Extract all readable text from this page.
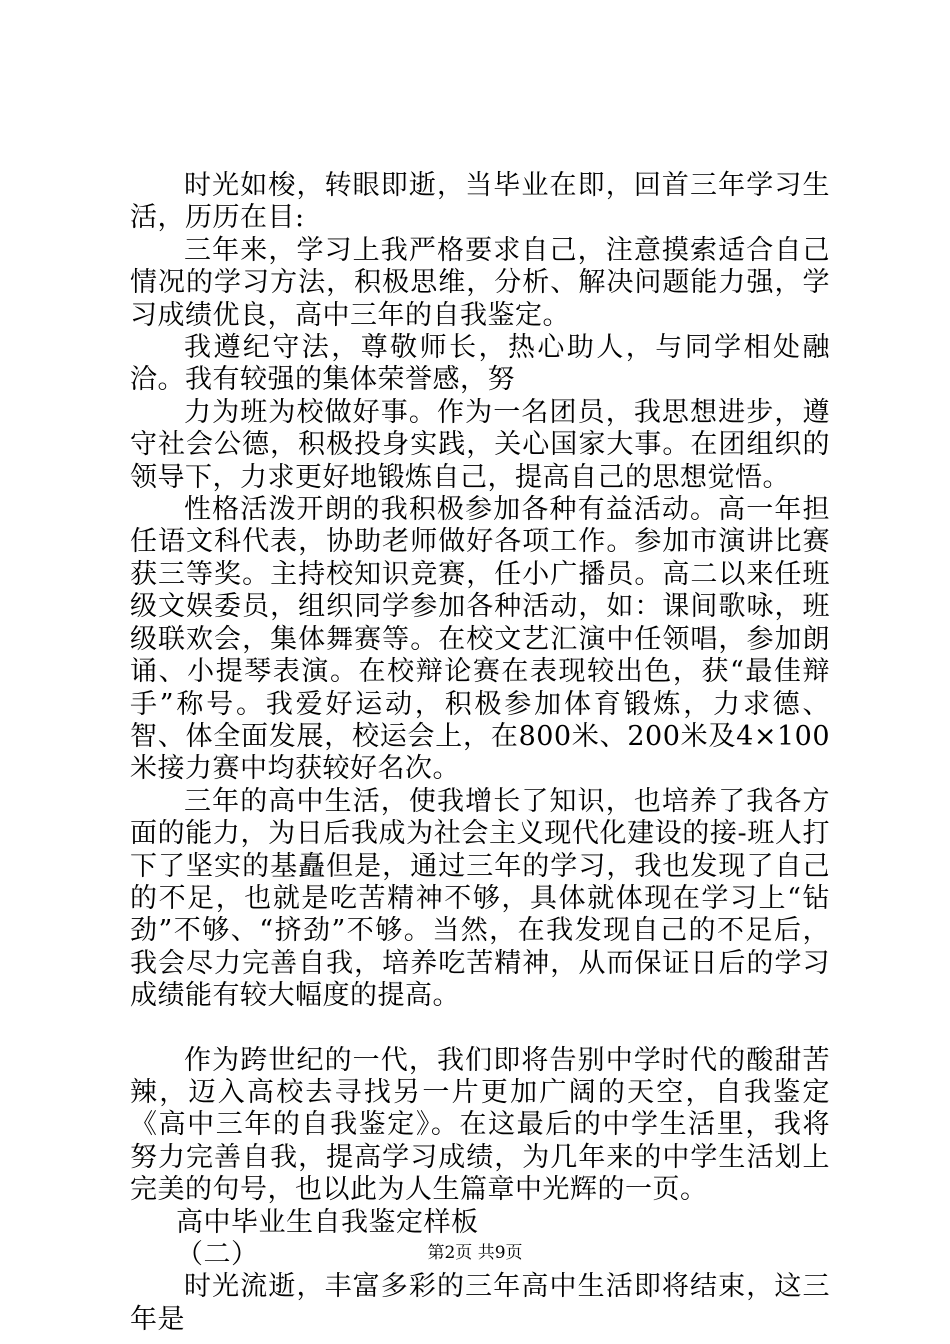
时光如梭，转眼即逝，当毕业在即，回首三年学习生活，历历在目:

三年来，学习上我严格要求自己，注意摸索适合自己情况的学习方法，积极思维，分析、解决问题能力强，学习成绩优良，高中三年的自我鉴定。

我遵纪守法，尊敬师长，热心助人，与同学相处融洽。我有较强的集体荣誉感，努

力为班为校做好事。作为一名团员，我思想进步，遵守社会公德，积极投身实践，关心国家大事。在团组织的领导下，力求更好地锻炼自己，提高自己的思想觉悟。

性格活泼开朗的我积极参加各种有益活动。高一年担任语文科代表，协助老师做好各项工作。参加市演讲比赛获三等奖。主持校知识竞赛，任小广播员。高二以来任班级文娱委员，组织同学参加各种活动，如：课间歌咏，班级联欢会，集体舞赛等。在校文艺汇演中任领唱，参加朗诵、小提琴表演。在校辩论赛在表现较出色，获“最佳辩手”称号。我爱好运动，积极参加体育锻炼，力求德、智、体全面发展，校运会上，在800米、200米及4×100米接力赛中均获较好名次。

三年的高中生活，使我增长了知识，也培养了我各方面的能力，为日后我成为社会主义现代化建设的接-班人打下了坚实的基矗但是，通过三年的学习，我也发现了自己的不足，也就是吃苦精神不够，具体就体现在学习上“钻劲”不够、“挤劲”不够。当然，在我发现自己的不足后，我会尽力完善自我，培养吃苦精神，从而保证日后的学习成绩能有较大幅度的提高。

作为跨世纪的一代，我们即将告别中学时代的酸甜苦辣，迈入高校去寻找另一片更加广阔的天空，自我鉴定《高中三年的自我鉴定》。在这最后的中学生活里，我将努力完善自我，提高学习成绩，为几年来的中学生活划上完美的句号，也以此为人生篇章中光辉的一页。

高中毕业生自我鉴定样板

（二）

时光流逝，丰富多彩的三年高中生活即将结束，这三年是

第2页 共9页
